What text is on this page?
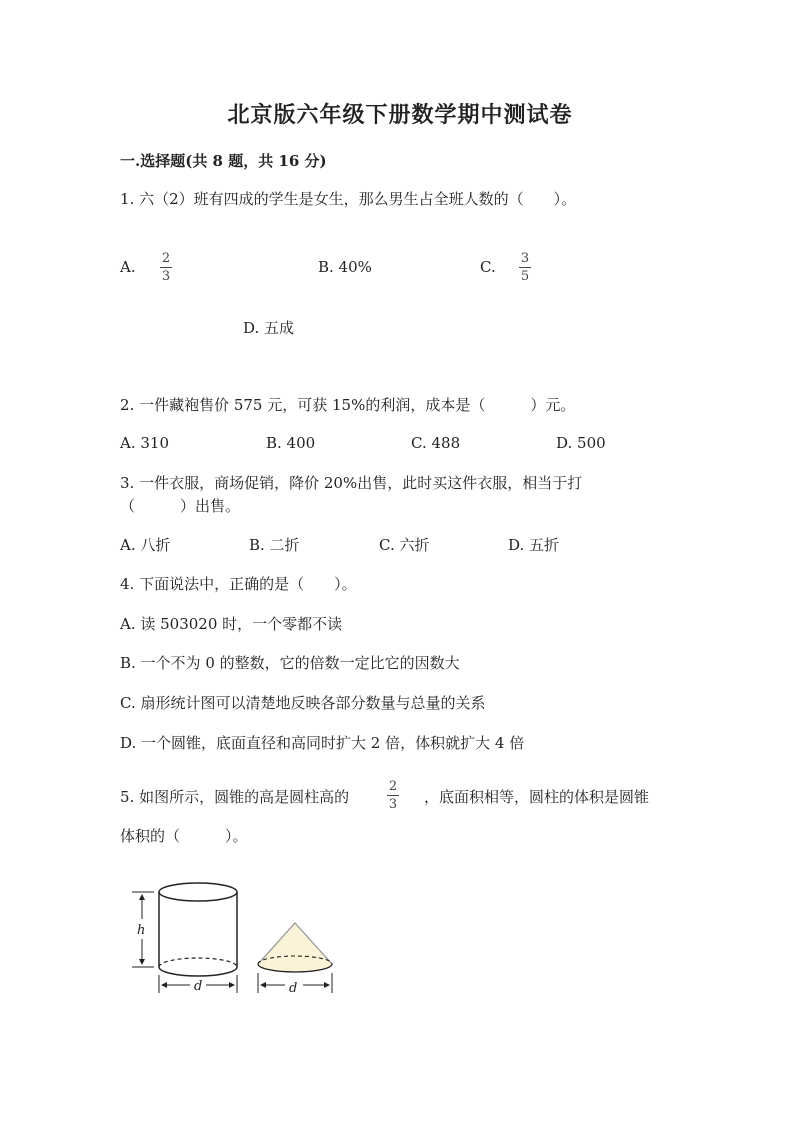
北京版六年级下册数学期中测试卷
一.选择题(共 8 题，共 16 分)
1. 六（2）班有四成的学生是女生，那么男生占全班人数的（　　）。
A. 2
3
B. 40%	C. 3
5
D. 五成
2. 一件藏袍售价 575 元，可获 15%的利润，成本是（　　　）元。
A. 310	B. 400	C. 488	D. 500
3. 一件衣服，商场促销，降价 20%出售，此时买这件衣服，相当于打
（　　　）出售。
A. 八折	B. 二折	C. 六折	D. 五折
4. 下面说法中，正确的是（　　）。
A. 读 503020 时，一个零都不读
B. 一个不为 0 的整数，它的倍数一定比它的因数大
C. 扇形统计图可以清楚地反映各部分数量与总量的关系
D. 一个圆锥，底面直径和高同时扩大 2 倍，体积就扩大 4 倍
5. 如图所示，圆锥的高是圆柱高的
2
3 ，底面积相等，圆柱的体积是圆锥
体积的（　　　）。
h
d	d
